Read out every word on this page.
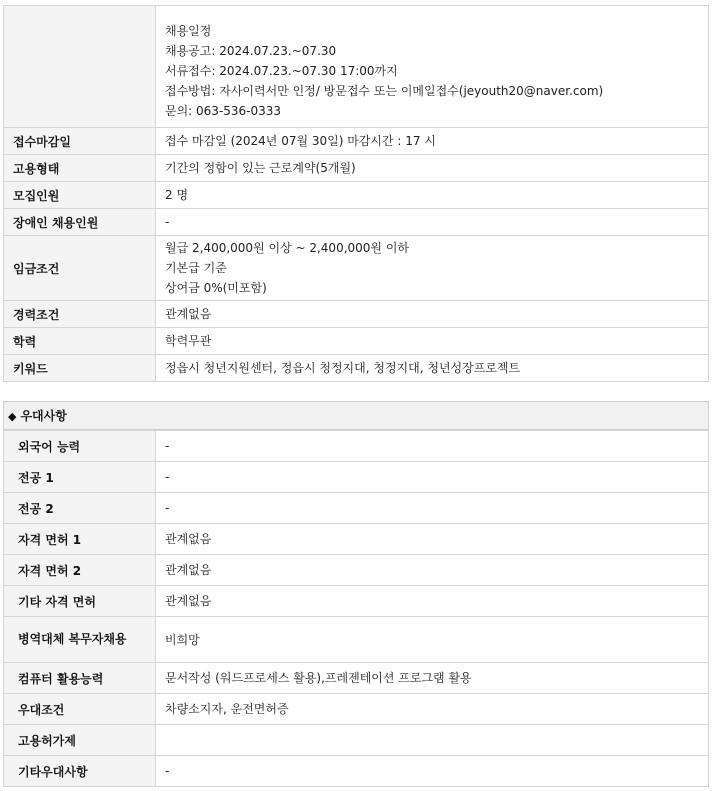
	채용일정
채용공고: 2024.07.23.~07.30
서류접수: 2024.07.23.~07.30 17:00까지
접수방법: 자사이력서만 인정/ 방문접수 또는 이메일접수(jeyouth20@naver.com)
문의: 063-536-0333

접수마감일	접수 마감일 (2024년 07월 30일) 마감시간 : 17 시
고용형태	기간의 정함이 있는 근로계약(5개월)
모집인원	2 명
장애인 채용인원	-
임금조건	월급 2,400,000원 이상 ~ 2,400,000원 이하
기본급 기준
상여금 0%(미포함)

경력조건	관계없음
학력	학력무관
키워드	정읍시 청년지원센터, 정읍시 청정지대, 청정지대, 청년성장프로젝트
◆ 우대사항
외국어 능력	-
전공 1	-
전공 2	-
자격 면허 1	관계없음
자격 면허 2	관계없음
기타 자격 면허	관계없음
병역대체 복무자채용	비희망
컴퓨터 활용능력	문서작성 (워드프로세스 활용),프레젠테이션 프로그램 활용
우대조건	차량소지자, 운전면허증
고용허가제	
기타우대사항	-
